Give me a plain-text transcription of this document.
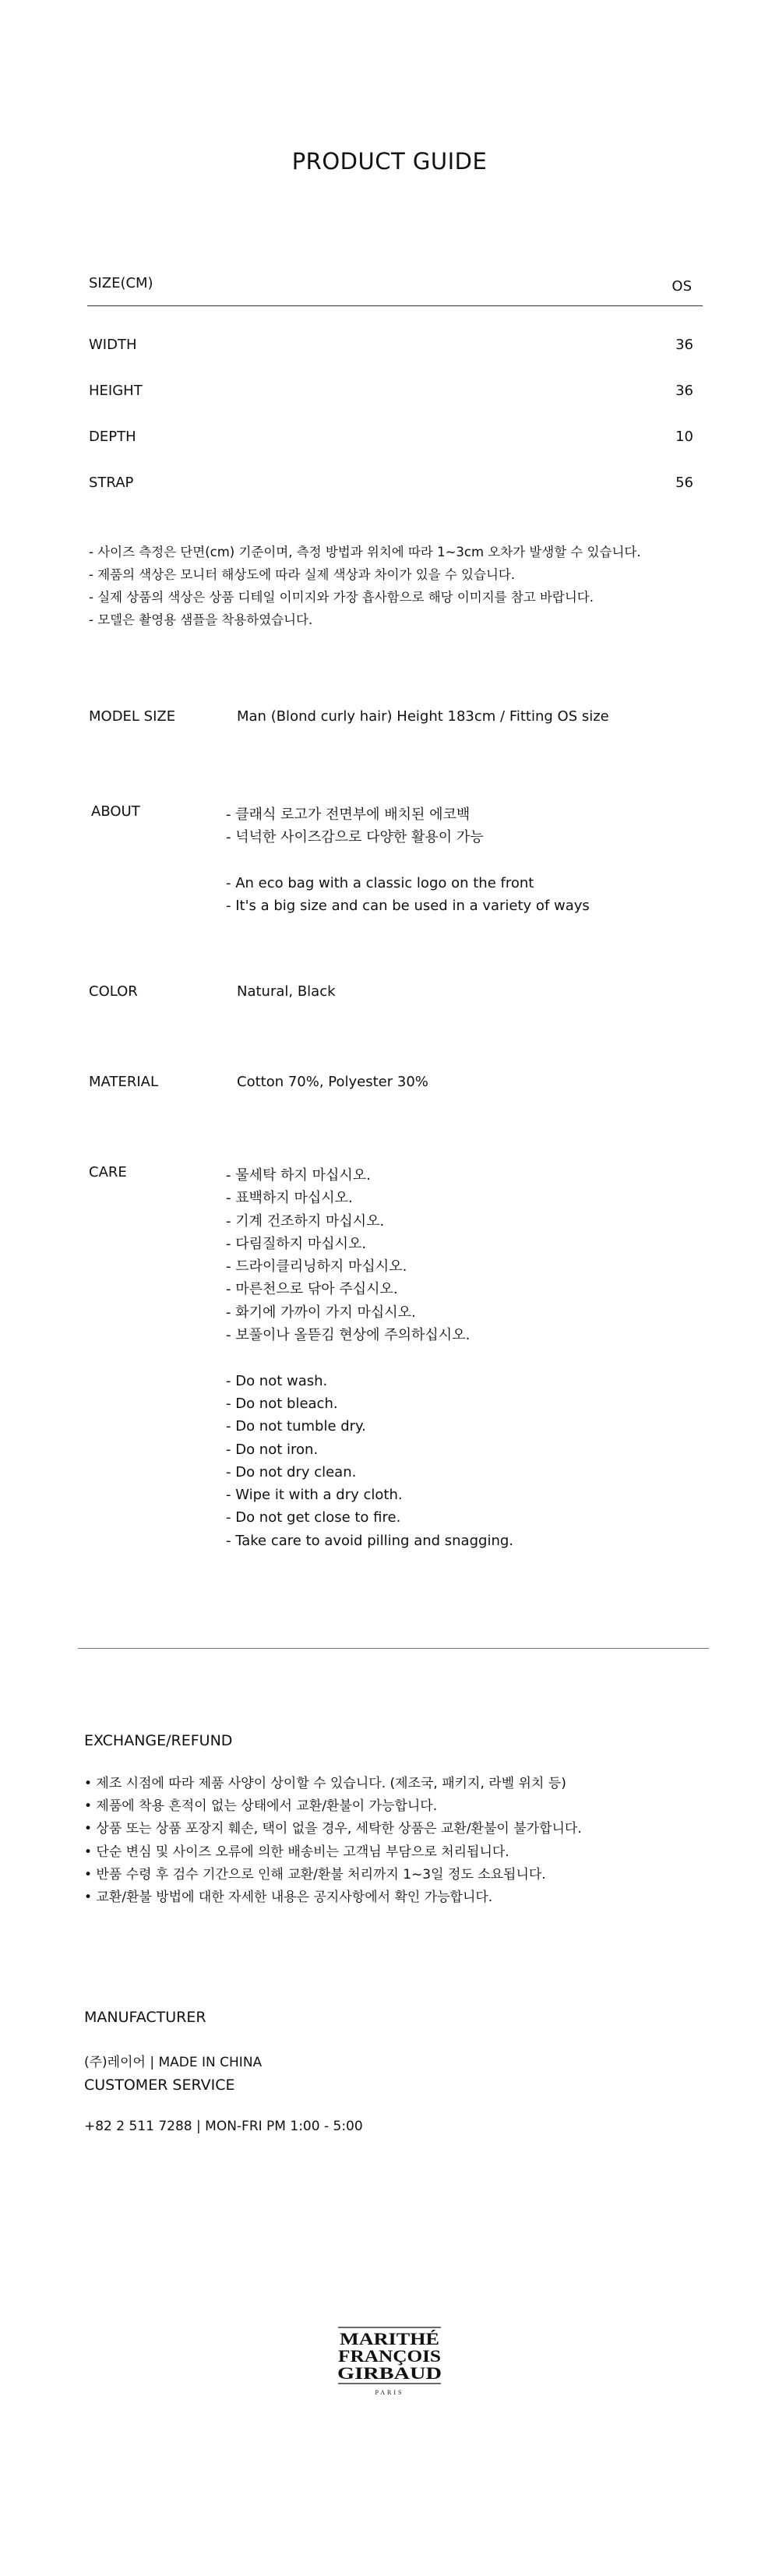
PRODUCT GUIDE
SIZE(CM)	OS
WIDTH	36
HEIGHT	36
DEPTH	10
STRAP	56
- 사이즈 측정은 단면(cm) 기준이며, 측정 방법과 위치에 따라 1~3cm 오차가 발생할 수 있습니다.
- 제품의 색상은 모니터 해상도에 따라 실제 색상과 차이가 있을 수 있습니다.
- 실제 상품의 색상은 상품 디테일 이미지와 가장 흡사함으로 해당 이미지를 참고 바랍니다.
- 모델은 촬영용 샘플을 착용하였습니다.
MODEL SIZE	Man (Blond curly hair) Height 183cm / Fitting OS size
ABOUT	- 클래식 로고가 전면부에 배치된 에코백
- 넉넉한 사이즈감으로 다양한 활용이 가능
- An eco bag with a classic logo on the front
- It's a big size and can be used in a variety of ways
COLOR	Natural, Black
MATERIAL	Cotton 70%, Polyester 30%
CARE	- 물세탁 하지 마십시오.
- 표백하지 마십시오.
- 기계 건조하지 마십시오.
- 다림질하지 마십시오.
- 드라이클리닝하지 마십시오.
- 마른천으로 닦아 주십시오.
- 화기에 가까이 가지 마십시오.
- 보풀이나 올뜯김 현상에 주의하십시오.
- Do not wash.
- Do not bleach.
- Do not tumble dry.
- Do not iron.
- Do not dry clean.
- Wipe it with a dry cloth.
- Do not get close to fire.
- Take care to avoid pilling and snagging.
EXCHANGE/REFUND
• 제조 시점에 따라 제품 사양이 상이할 수 있습니다. (제조국, 패키지, 라벨 위치 등)
• 제품에 착용 흔적이 없는 상태에서 교환/환불이 가능합니다.
• 상품 또는 상품 포장지 훼손, 택이 없을 경우, 세탁한 상품은 교환/환불이 불가합니다.
• 단순 변심 및 사이즈 오류에 의한 배송비는 고객님 부담으로 처리됩니다.
• 반품 수령 후 검수 기간으로 인해 교환/환불 처리까지 1~3일 정도 소요됩니다.
• 교환/환불 방법에 대한 자세한 내용은 공지사항에서 확인 가능합니다.
MANUFACTURER
(주)레이어 | MADE IN CHINA
CUSTOMER SERVICE
+82 2 511 7288 | MON-FRI PM 1:00 - 5:00
MARITHÉ
FRANÇOIS
GIRBAUD
PARIS
